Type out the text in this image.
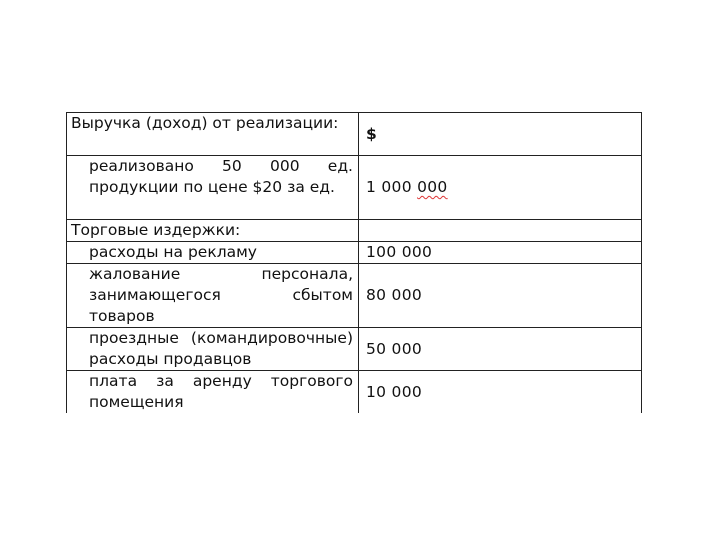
Выручка (доход) от реализации:	$

реализовано 50 000 ед. продукции по цене $20 за ед.	1 000 000

Торговые издержки:	

расходы на рекламу	100 000

жалование персонала, занимающегося сбытом товаров	80 000

проездные (командировочные) расходы продавцов	50 000

плата за аренду торгового помещения	10 000
